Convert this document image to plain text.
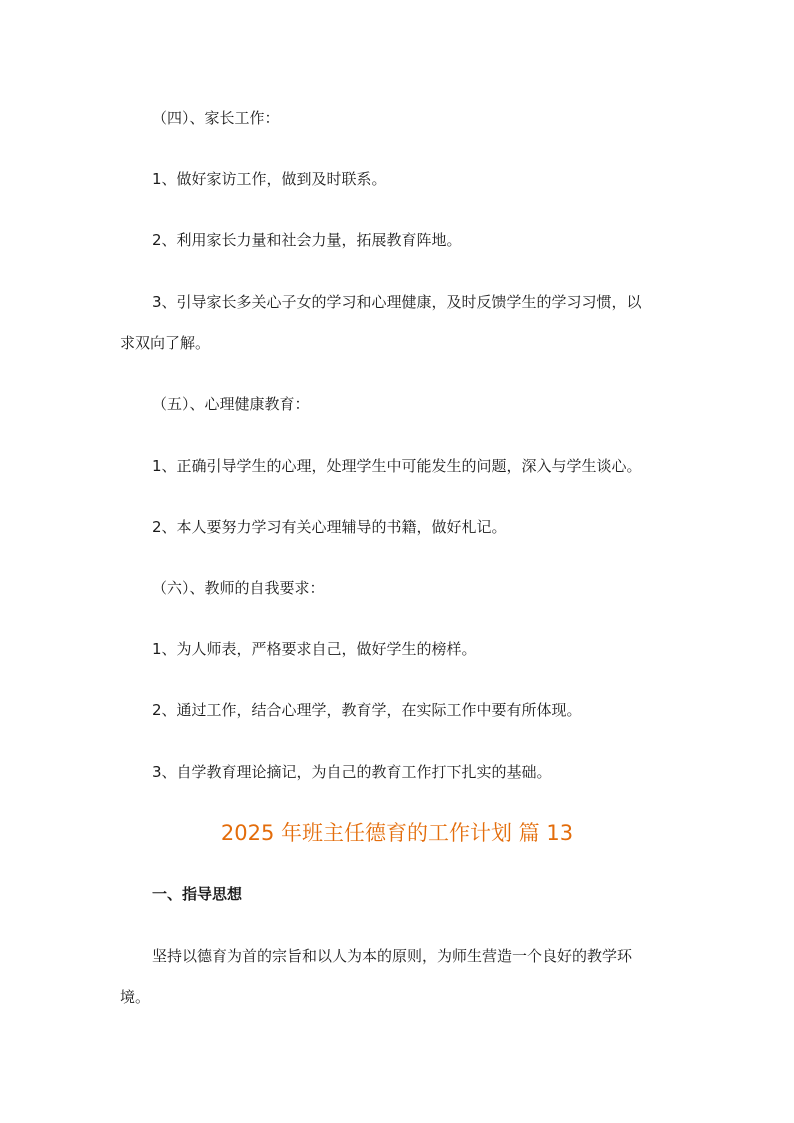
（四）、家长工作：
1、做好家访工作，做到及时联系。
2、利用家长力量和社会力量，拓展教育阵地。
3、引导家长多关心子女的学习和心理健康，及时反馈学生的学习习惯，以
求双向了解。
（五）、心理健康教育：
1、正确引导学生的心理，处理学生中可能发生的问题，深入与学生谈心。
2、本人要努力学习有关心理辅导的书籍，做好札记。
（六）、教师的自我要求：
1、为人师表，严格要求自己，做好学生的榜样。
2、通过工作，结合心理学，教育学，在实际工作中要有所体现。
3、自学教育理论摘记，为自己的教育工作打下扎实的基础。
2025 年班主任德育的工作计划 篇 13
一、指导思想
坚持以德育为首的宗旨和以人为本的原则，为师生营造一个良好的教学环
境。
